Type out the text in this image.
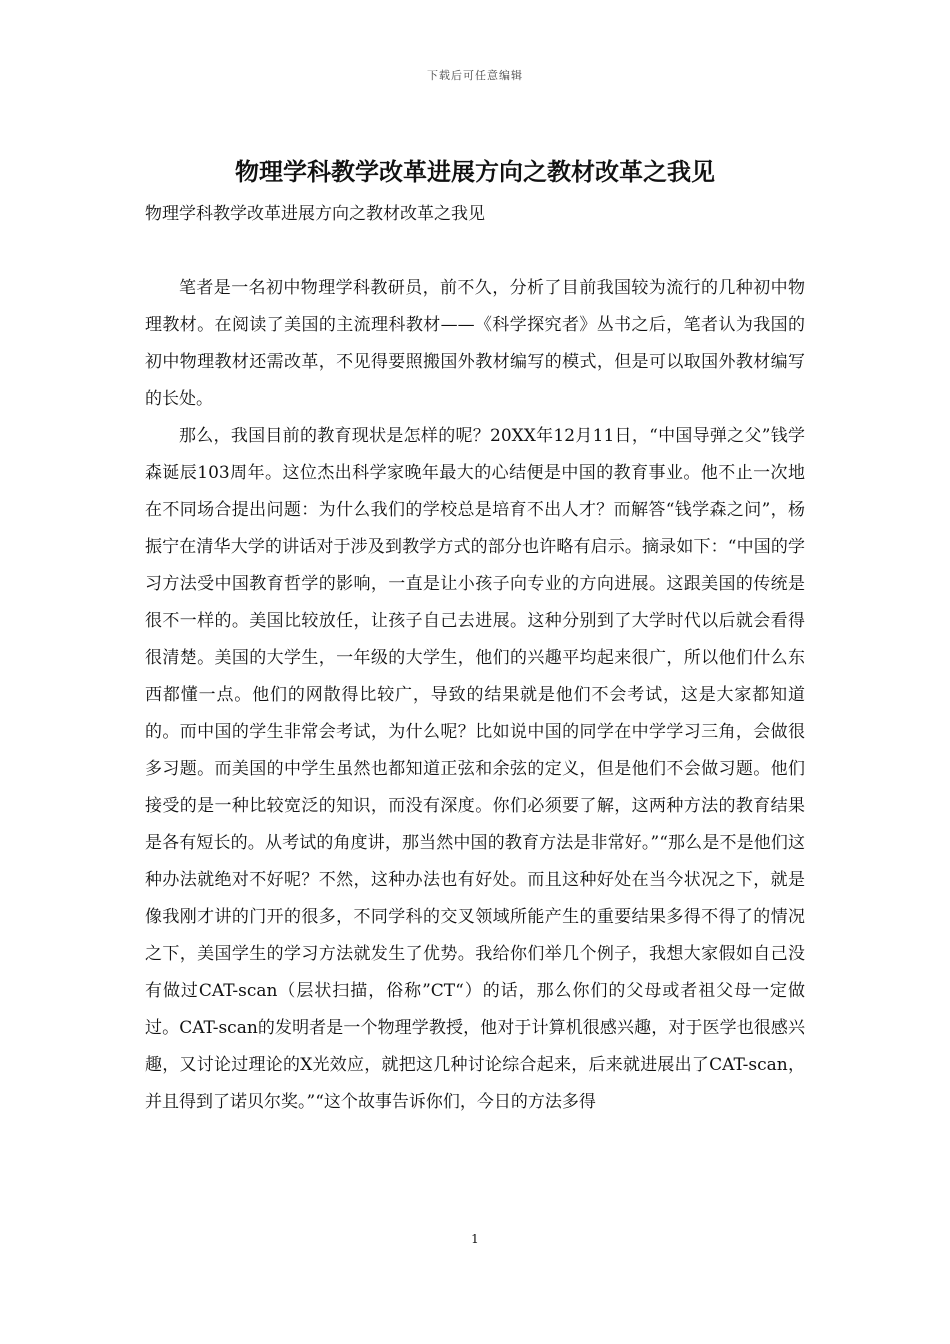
下载后可任意编辑
物理学科教学改革进展方向之教材改革之我见
物理学科教学改革进展方向之教材改革之我见

笔者是一名初中物理学科教研员，前不久，分析了目前我国较为流行的几种初中物理教材。在阅读了美国的主流理科教材——《科学探究者》丛书之后，笔者认为我国的初中物理教材还需改革，不见得要照搬国外教材编写的模式，但是可以取国外教材编写的长处。

那么，我国目前的教育现状是怎样的呢？20XX年12月11日，“中国导弹之父”钱学森诞辰103周年。这位杰出科学家晚年最大的心结便是中国的教育事业。他不止一次地在不同场合提出问题：为什么我们的学校总是培育不出人才？而解答“钱学森之问”，杨振宁在清华大学的讲话对于涉及到教学方式的部分也许略有启示。摘录如下：“中国的学习方法受中国教育哲学的影响，一直是让小孩子向专业的方向进展。这跟美国的传统是很不一样的。美国比较放任，让孩子自己去进展。这种分别到了大学时代以后就会看得很清楚。美国的大学生，一年级的大学生，他们的兴趣平均起来很广，所以他们什么东西都懂一点。他们的网散得比较广，导致的结果就是他们不会考试，这是大家都知道的。而中国的学生非常会考试，为什么呢？比如说中国的同学在中学学习三角，会做很多习题。而美国的中学生虽然也都知道正弦和余弦的定义，但是他们不会做习题。他们接受的是一种比较宽泛的知识，而没有深度。你们必须要了解，这两种方法的教育结果是各有短长的。从考试的角度讲，那当然中国的教育方法是非常好。”“那么是不是他们这种办法就绝对不好呢？不然，这种办法也有好处。而且这种好处在当今状况之下，就是像我刚才讲的门开的很多，不同学科的交叉领域所能产生的重要结果多得不得了的情况之下，美国学生的学习方法就发生了优势。我给你们举几个例子，我想大家假如自己没有做过CAT-scan（层状扫描，俗称”CT“）的话，那么你们的父母或者祖父母一定做过。CAT-scan的发明者是一个物理学教授，他对于计算机很感兴趣，对于医学也很感兴趣，又讨论过理论的X光效应，就把这几种讨论综合起来，后来就进展出了CAT-scan，并且得到了诺贝尔奖。”“这个故事告诉你们，今日的方法多得

1
